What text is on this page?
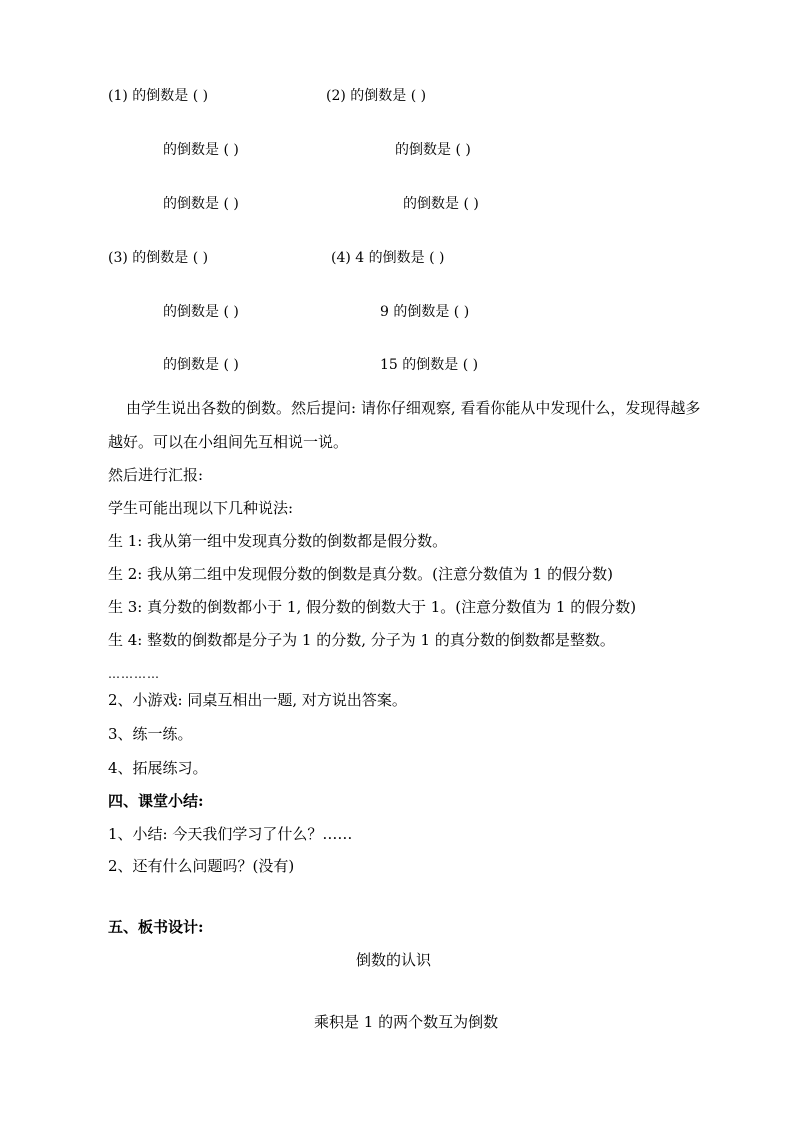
(1) 的倒数是 ( )	(2) 的倒数是 ( )
的倒数是 ( )	的倒数是 ( )
的倒数是 ( )	的倒数是 ( )
(3) 的倒数是 ( )	(4) 4 的倒数是 ( )
的倒数是 ( )	9 的倒数是 ( )
的倒数是 ( )	15 的倒数是 ( )
由学生说出各数的倒数。然后提问: 请你仔细观察, 看看你能从中发现什么，发现得越多
越好。可以在小组间先互相说一说。
然后进行汇报:
学生可能出现以下几种说法:
生 1: 我从第一组中发现真分数的倒数都是假分数。
生 2: 我从第二组中发现假分数的倒数是真分数。(注意分数值为 1 的假分数)
生 3: 真分数的倒数都小于 1, 假分数的倒数大于 1。(注意分数值为 1 的假分数)
生 4: 整数的倒数都是分子为 1 的分数, 分子为 1 的真分数的倒数都是整数。
…………
2、小游戏: 同桌互相出一题, 对方说出答案。
3、练一练。
4、拓展练习。
四、课堂小结:
1、小结: 今天我们学习了什么？……
2、还有什么问题吗？(没有)
五、板书设计:
倒数的认识
乘积是 1 的两个数互为倒数
